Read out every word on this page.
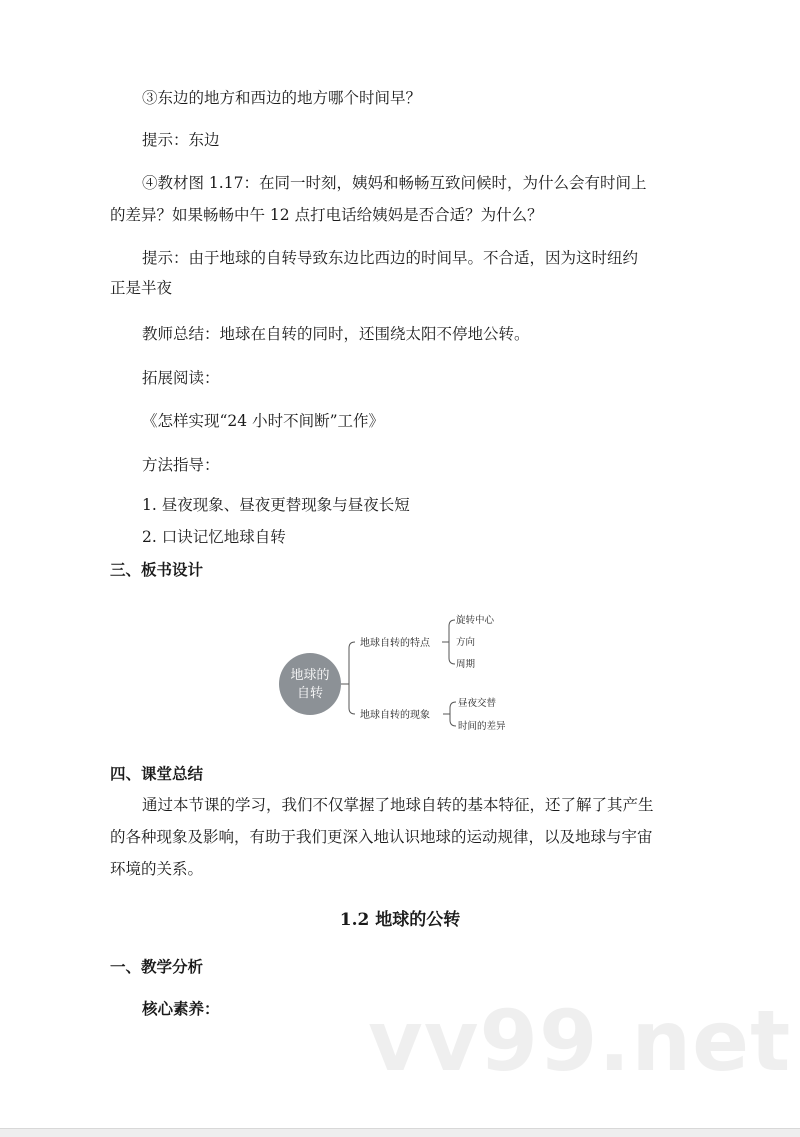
③东边的地方和西边的地方哪个时间早？
提示：东边
④教材图 1.17：在同一时刻，姨妈和畅畅互致问候时，为什么会有时间上
的差异？如果畅畅中午 12 点打电话给姨妈是否合适？为什么？
提示：由于地球的自转导致东边比西边的时间早。不合适，因为这时纽约
正是半夜
教师总结：地球在自转的同时，还围绕太阳不停地公转。
拓展阅读：
《怎样实现“24 小时不间断”工作》
方法指导：
1. 昼夜现象、昼夜更替现象与昼夜长短
2. 口诀记忆地球自转
三、板书设计
地球的
自转
地球自转的特点
地球自转的现象
旋转中心
方向
周期
昼夜交替
时间的差异
四、课堂总结
通过本节课的学习，我们不仅掌握了地球自转的基本特征，还了解了其产生
的各种现象及影响，有助于我们更深入地认识地球的运动规律，以及地球与宇宙
环境的关系。
1.2 地球的公转
一、教学分析
核心素养：	vv99.net
